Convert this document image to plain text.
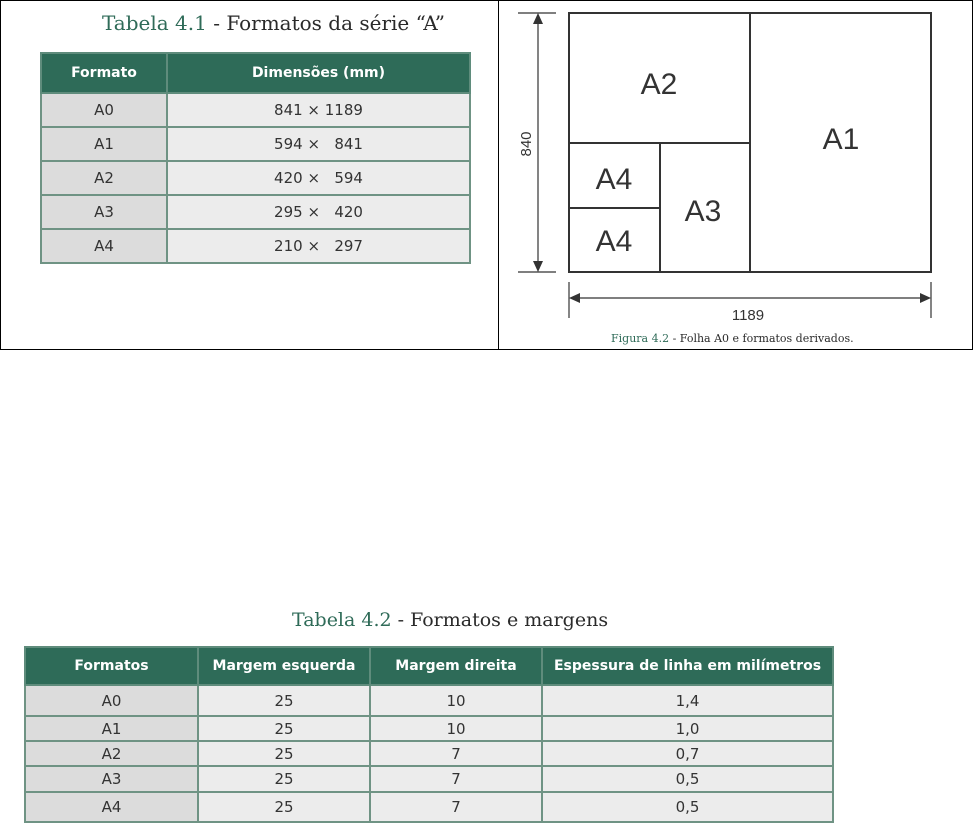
Tabela 4.1 - Formatos da série “A”
Formato	Dimensões (mm)
A0	841 × 1189
A1	594 ×   841
A2	420 ×   594
A3	295 ×   420
A4	210 ×   297
A2
A1
A3
A4
A4
840
1189
Figura 4.2 - Folha A0 e formatos derivados.
Tabela 4.2 - Formatos e margens
Formatos	Margem esquerda	Margem direita	Espessura de linha em milímetros
A0	25	10	1,4
A1	25	10	1,0
A2	25	7	0,7
A3	25	7	0,5
A4	25	7	0,5
